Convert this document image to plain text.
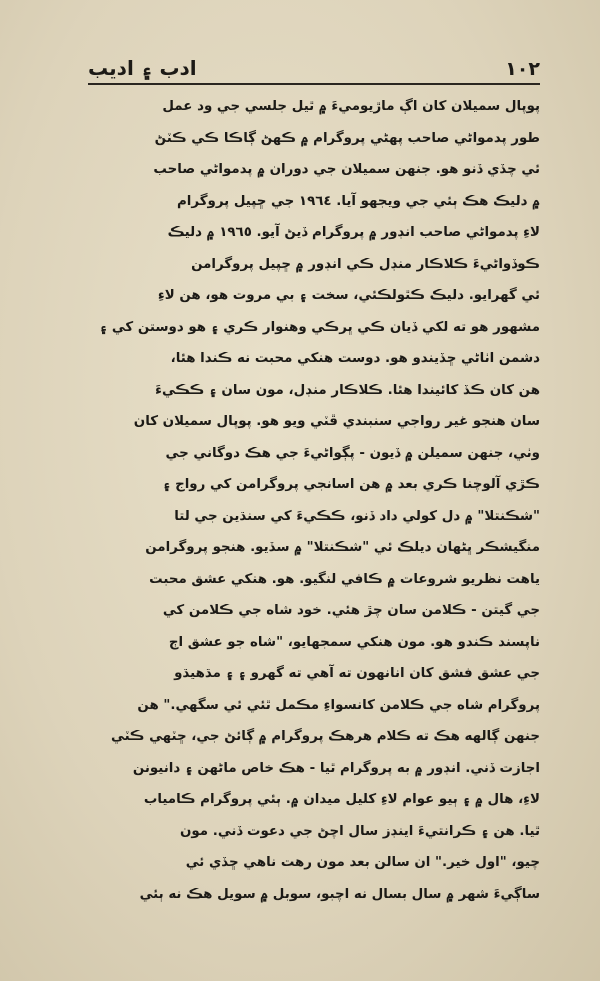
١٠٢
ادب ۽ اديب
پوپال سميلان کان اڳ ماڙيوميءَ ۾ ٿيل جلسي جي ود عمل
طور پدمواڻي صاحب پهڻي پروگرام ۾ ڪهڻ ڳاڪا ڪي ڪٽڻ
ئي چڏي ڏنو هو. جنهن سميلان جي دوران ۾ پدمواڻي صاحب
۾ دليڪ هڪ ٻئي جي ويجهو آيا. ١٩٦٤ جي ڇپيل پروگرام
لاءِ پدمواڻي صاحب انڊور ۾ پروگرام ڏيڻ آيو. ١٩٦٥ ۾ دليڪ
ڪوڏواڻيءَ ڪلاڪار منڊل ڪي انڊور ۾ ڇپيل پروگرامن
ئي گهرايو. دليڪ ڪٿولڪئي، سخت ۽ بي مروت هو، هن لاءِ
مشهور هو ته لکي ڏيان ڪي ڀرڪي وهنوار ڪري ۽ هو دوستن کي ۽
دشمن اٺاڻي ڇڏيندو هو. دوست هنکي محبت نه ڪندا هئا،
هن کان ڪڏ کائيندا هئا. ڪلاڪار منڊل، مون سان ۽ ڪڪيءَ
سان هنجو غير رواجي سنبندي ڦٽي ويو هو. پوپال سميلان کان
وٺي، جنهن سميلن ۾ ڏيون - پڳواڻيءَ جي هڪ دوگاني جي
ڪڙي آلوچنا ڪري بعد ۾ هن اسانجي پروگرامن کي رواج ۽
"شڪنتلا" ۾ دل کولي داد ڏنو، ڪڪيءَ کي سنڌين جي لتا
منگيشڪر ڀڻهان ديلڪ ئي "شڪنتلا" ۾ سڏيو. هنجو پروگرامن
ياهت نظريو شروعات ۾ ڪافي لنگيو. هو. هنکي عشق محبت
جي گيتن - ڪلامن سان چڙ هئي. خود شاه جي ڪلامن کي
ناپسند ڪندو هو. مون هنکي سمجهايو، "شاه جو عشق اڄ
جي عشق فشق کان انانهون ته آهي ته گهرو ۽ ۽ مڌهيڌو
پروگرام شاه جي ڪلامن کانسواءِ مڪمل ٿئي ئي سگهي." هن
جنهن ڳالهه هڪ ته ڪلام هرهڪ پروگرام ۾ ڳائڻ جي، ڇٽهي ڪٽي
اجازت ڏني. انڊور ۾ به پروگرام ٿيا - هڪ خاص ماڻهن ۽ دانيونن
لاءِ، هال ۾ ۽ ٻيو عوام لاءِ کليل ميدان ۾. ٻئي پروگرام ڪامياب
ٿيا. هن ۽ ڪرانتيءَ اينڊز سال اچڻ جي دعوت ڏني. مون
چيو، "اول خير." ان سالن بعد مون رهت ناهي ڇڏي ئي
ساڳيءَ شهر ۾ سال بسال نه اچبو، سوبل ۾ سويل هڪ نه ٻئي
